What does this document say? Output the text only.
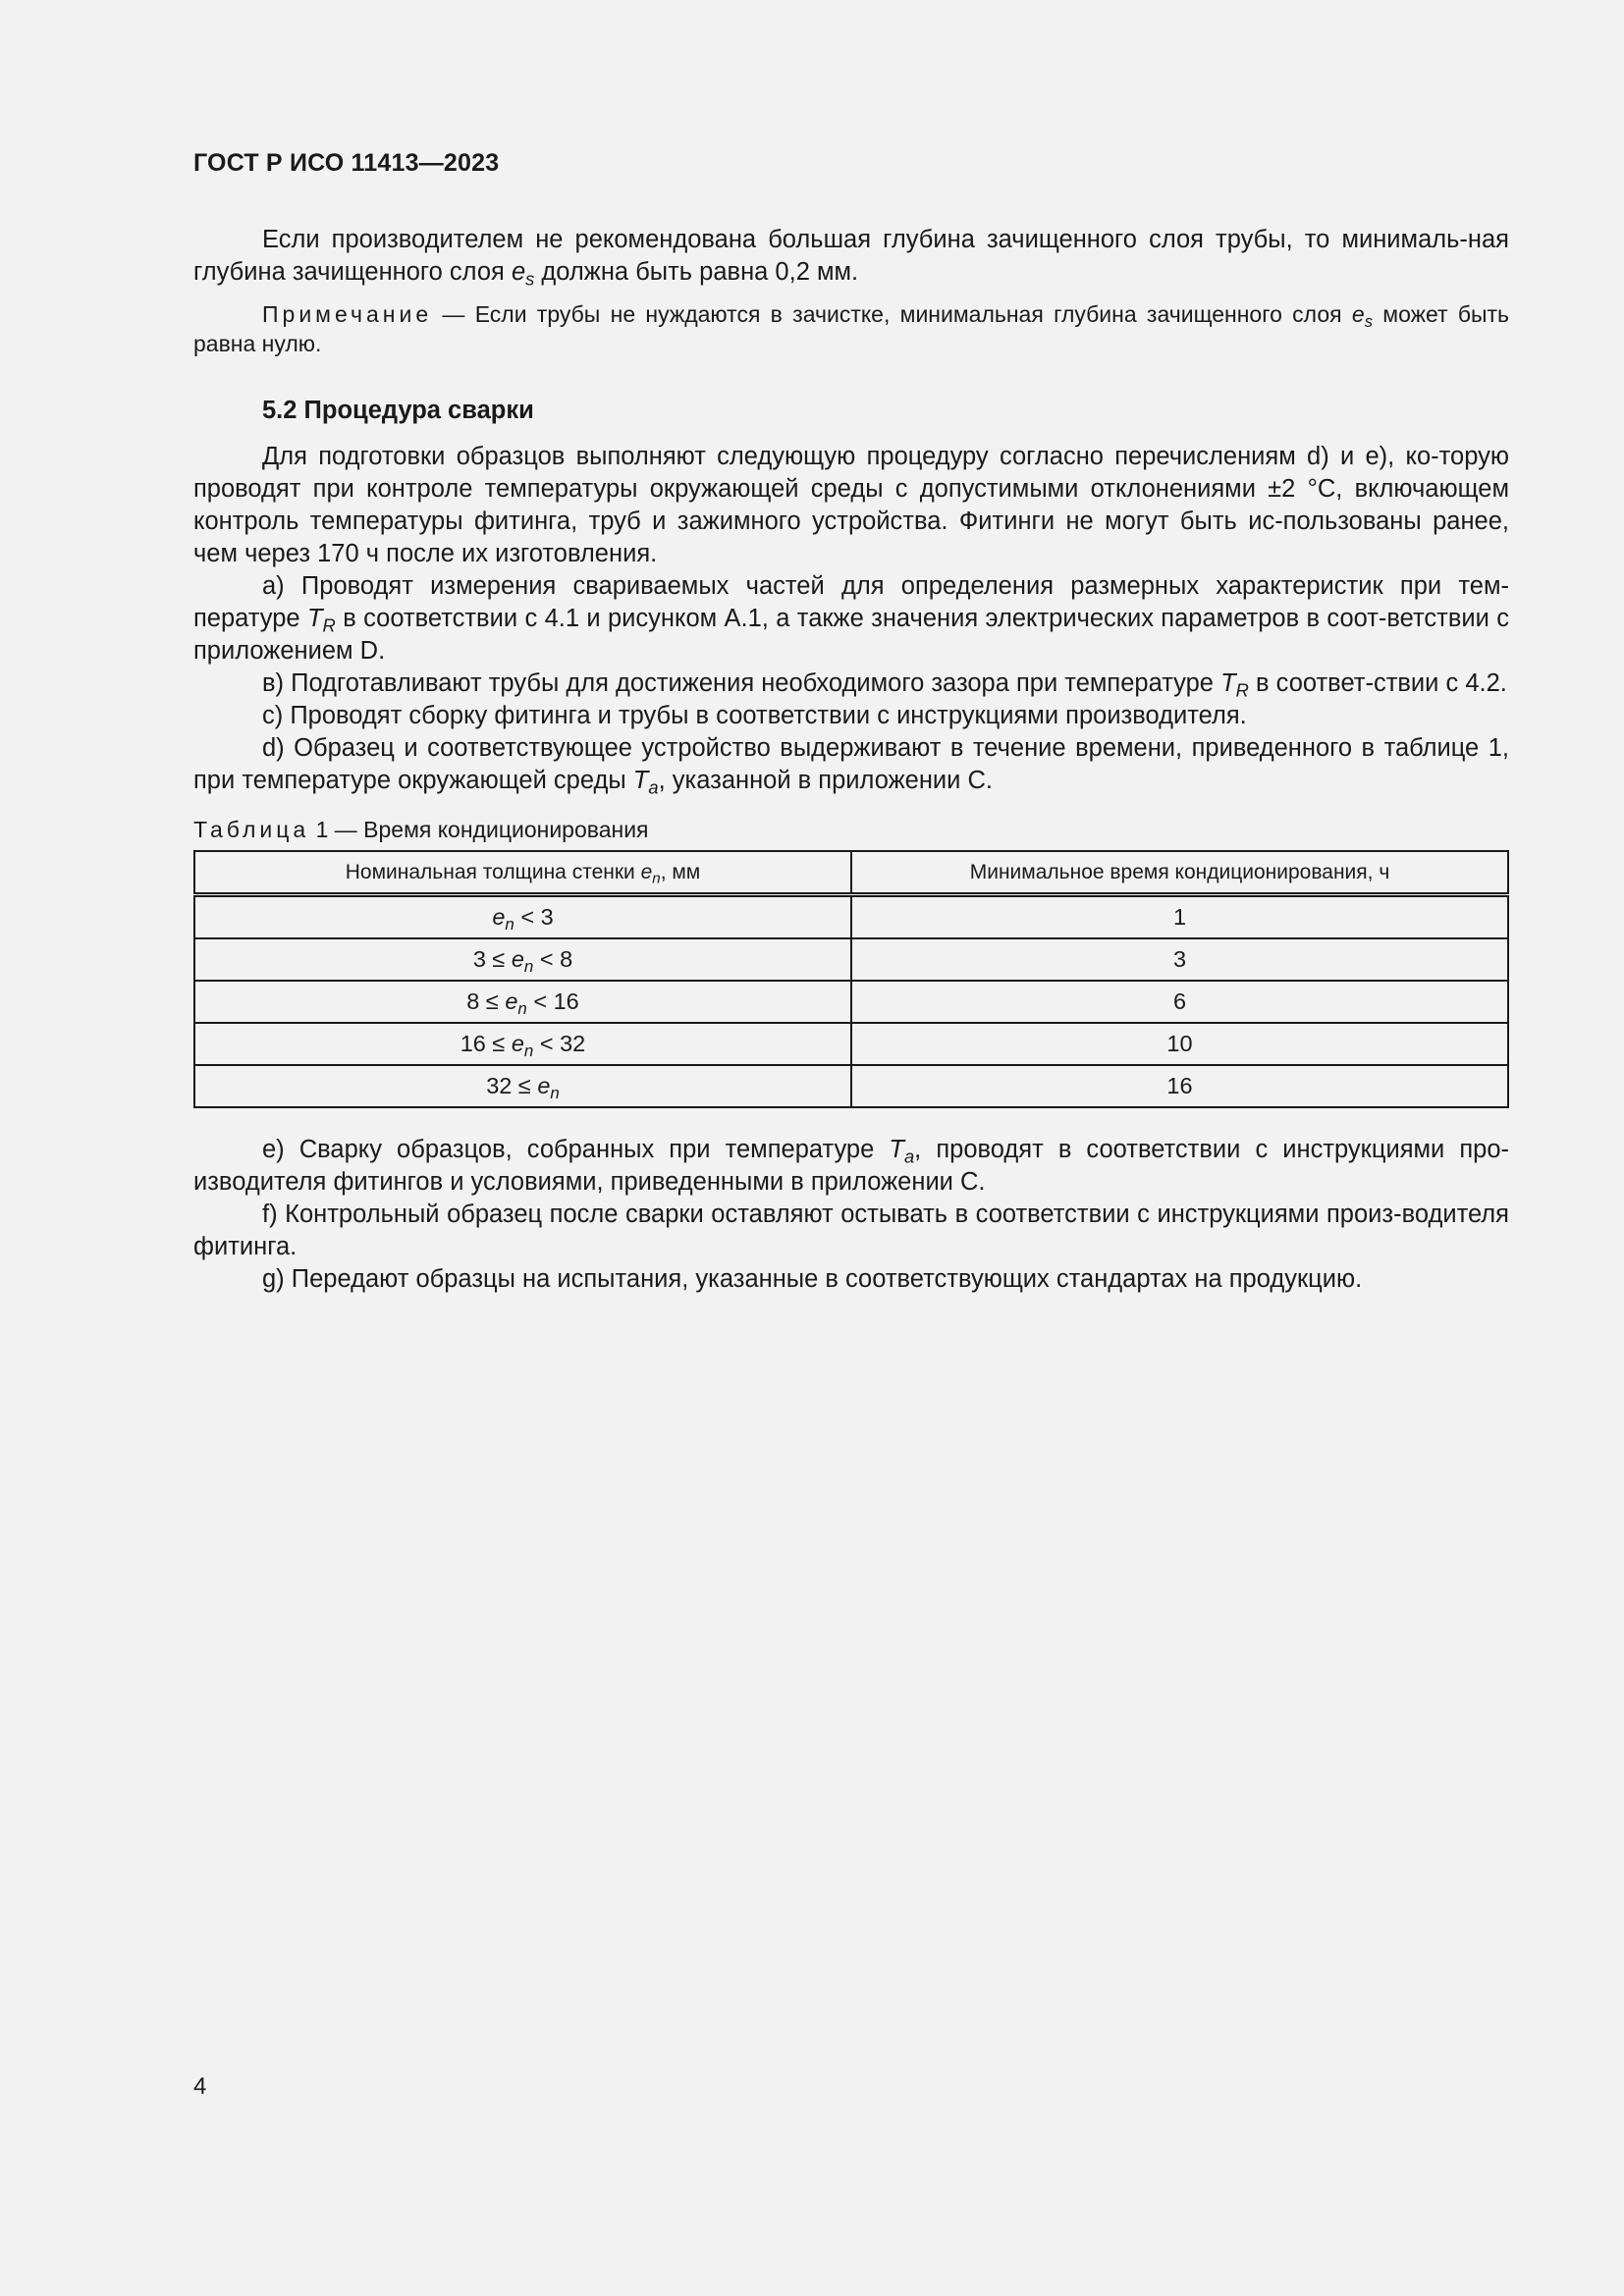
ГОСТ Р ИСО 11413—2023

Если производителем не рекомендована большая глубина зачищенного слоя трубы, то минималь-ная глубина зачищенного слоя $e_s$ должна быть равна 0,2 мм.

Примечание — Если трубы не нуждаются в зачистке, минимальная глубина зачищенного слоя $e_s$ может быть равна нулю.

5.2 Процедура сварки

Для подготовки образцов выполняют следующую процедуру согласно перечислениям d) и e), ко-торую проводят при контроле температуры окружающей среды с допустимыми отклонениями ±2 °С, включающем контроль температуры фитинга, труб и зажимного устройства. Фитинги не могут быть ис-пользованы ранее, чем через 170 ч после их изготовления.

a) Проводят измерения свариваемых частей для определения размерных характеристик при тем-пературе $T_R$ в соответствии с 4.1 и рисунком A.1, а также значения электрических параметров в соот-ветствии с приложением D.

в) Подготавливают трубы для достижения необходимого зазора при температуре $T_R$ в соответ-ствии с 4.2.

c) Проводят сборку фитинга и трубы в соответствии с инструкциями производителя.

d) Образец и соответствующее устройство выдерживают в течение времени, приведенного в таблице 1, при температуре окружающей среды $T_a$, указанной в приложении С.

Таблица 1 — Время кондиционирования
Номинальная толщина стенки $e_n$, мм	Минимальное время кондиционирования, ч
$e_n < 3$	1
$3 \le e_n < 8$	3
$8 \le e_n < 16$	6
$16 \le e_n < 32$	10
$32 \le e_n$	16

e) Сварку образцов, собранных при температуре $T_a$, проводят в соответствии с инструкциями про-изводителя фитингов и условиями, приведенными в приложении С.

f) Контрольный образец после сварки оставляют остывать в соответствии с инструкциями произ-водителя фитинга.

g) Передают образцы на испытания, указанные в соответствующих стандартах на продукцию.

4
